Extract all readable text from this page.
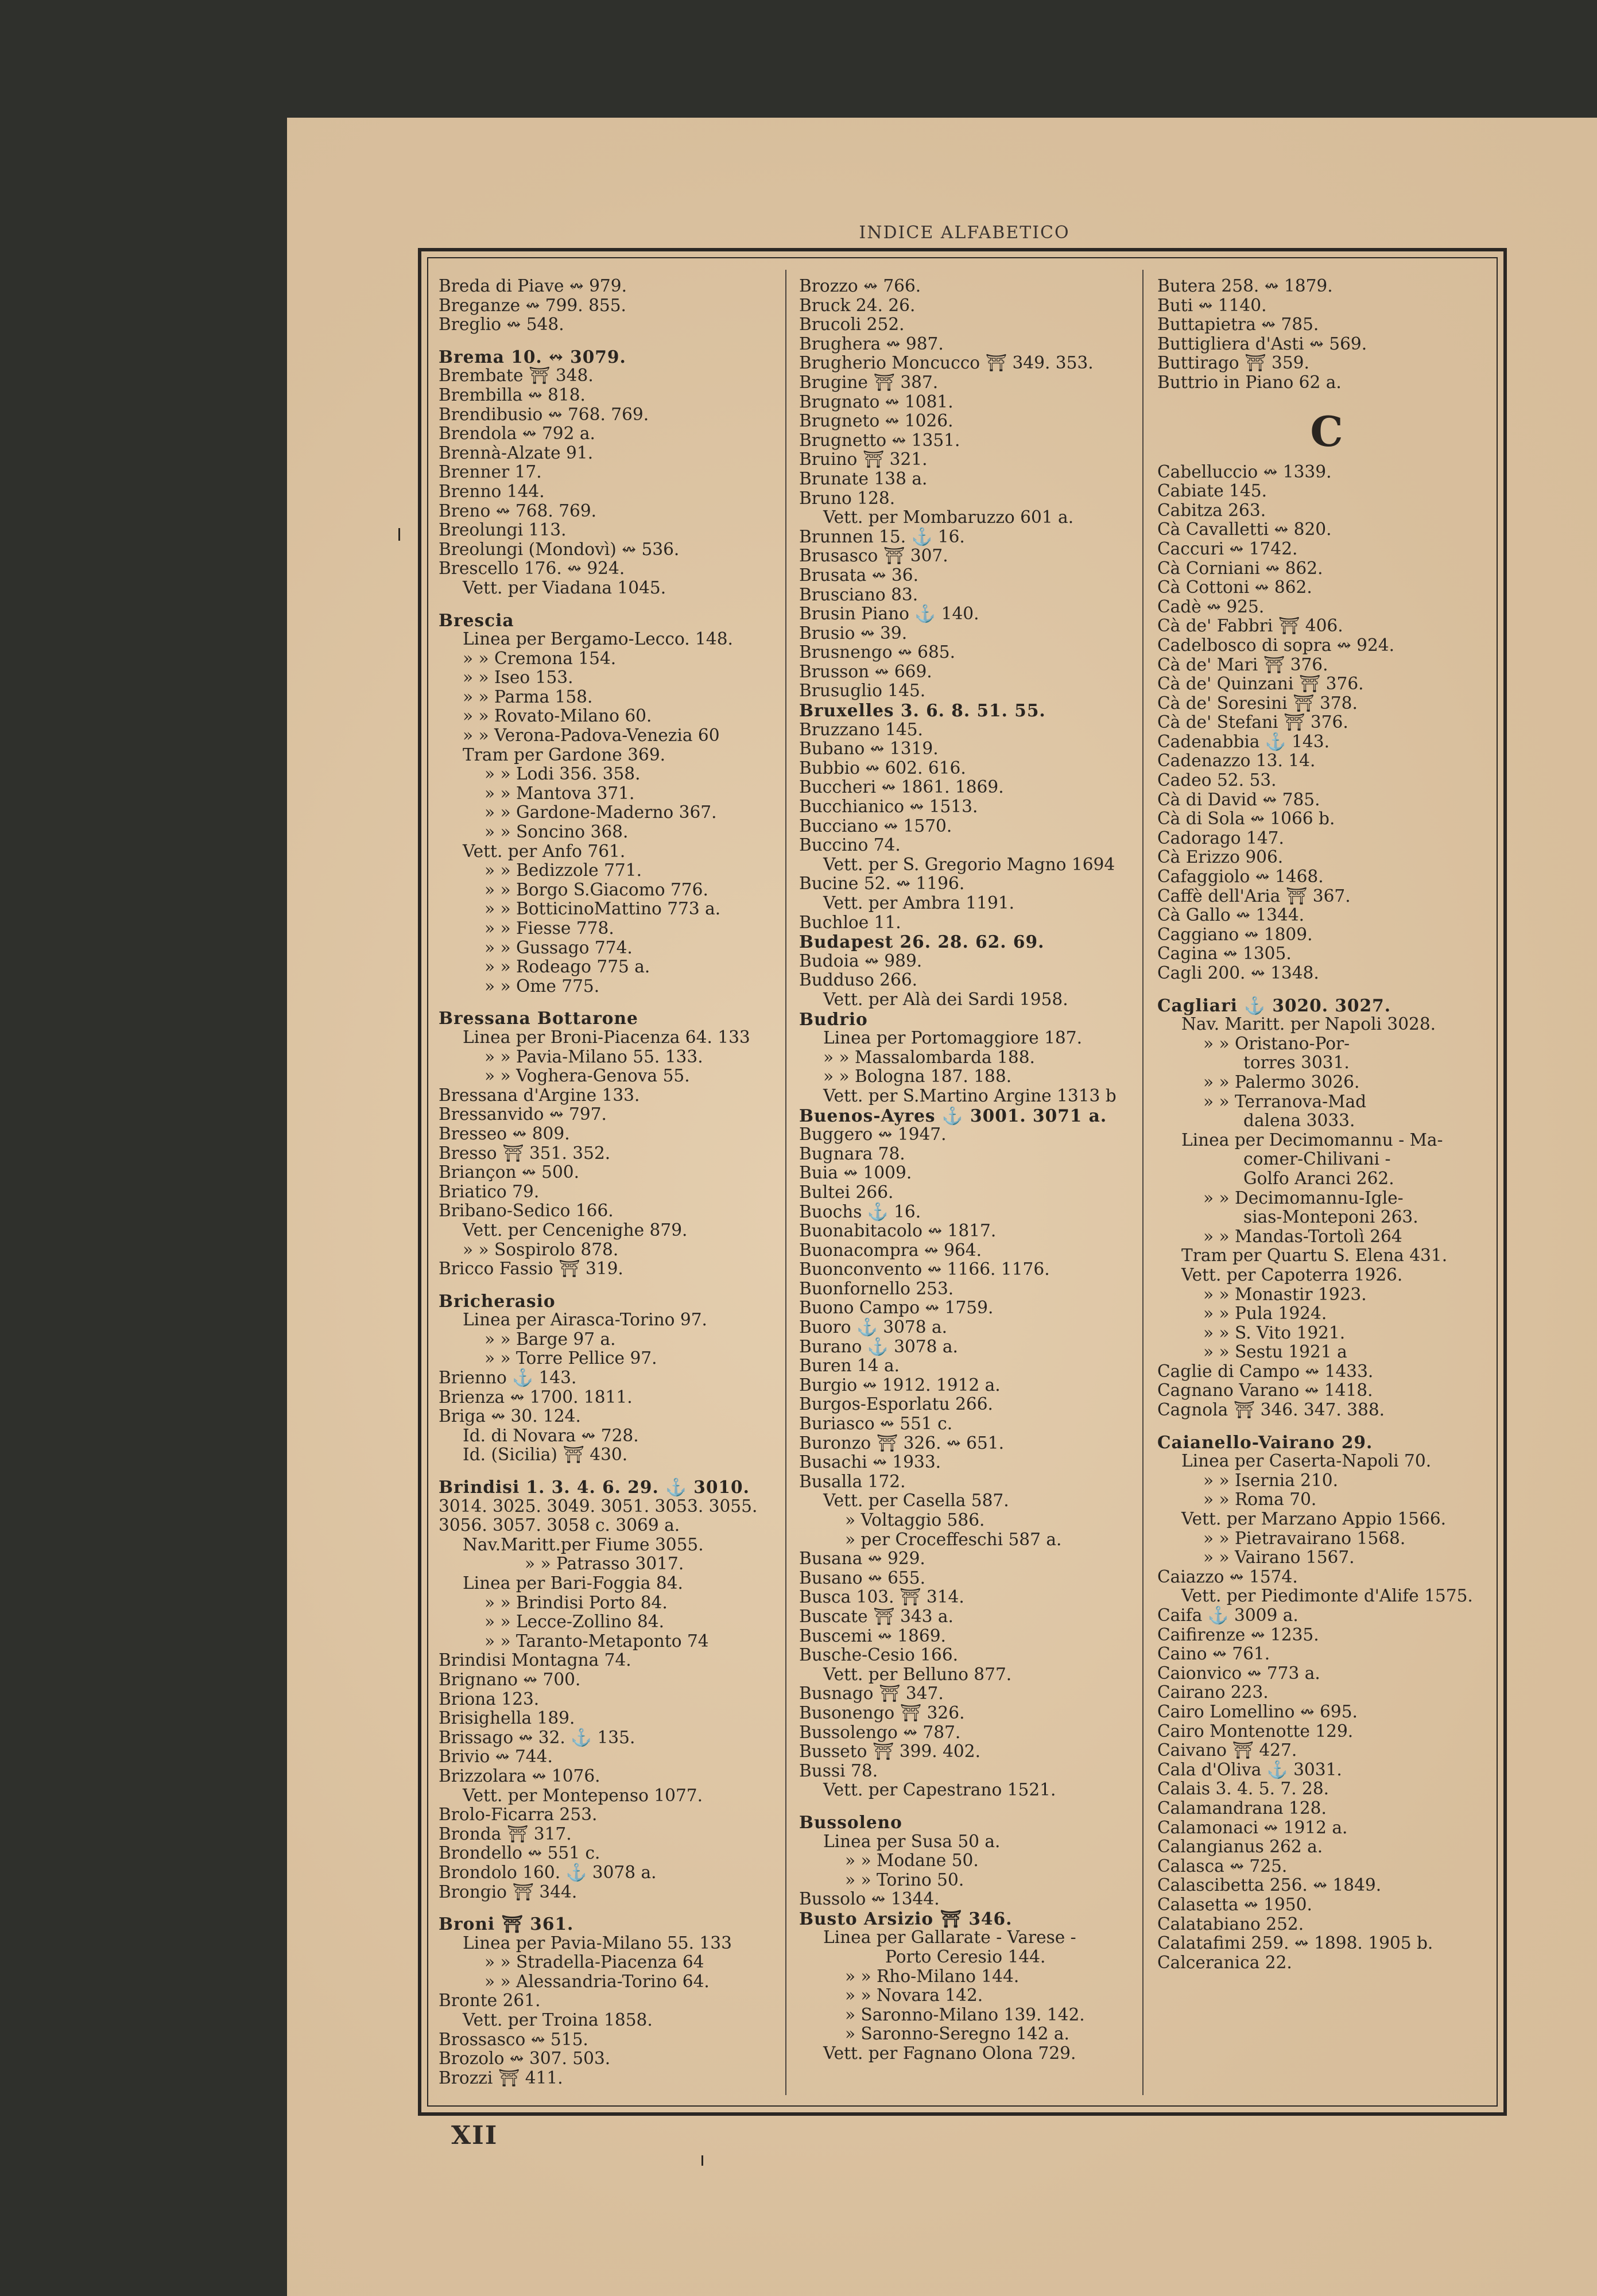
INDICE ALFABETICO
Breda di Piave ↭ 979.
Breganze ↭ 799. 855.
Breglio ↭ 548.
Brema 10. ↭ 3079.
Brembate ⛩ 348.
Brembilla ↭ 818.
Brendibusio ↭ 768. 769.
Brendola ↭ 792 a.
Brennà-Alzate 91.
Brenner 17.
Brenno 144.
Breno ↭ 768. 769.
Breolungi 113.
Breolungi (Mondovì) ↭ 536.
Brescello 176. ↭ 924.
Vett. per Viadana 1045.
Brescia
Linea per Bergamo-Lecco. 148.
» » Cremona 154.
» » Iseo 153.
» » Parma 158.
» » Rovato-Milano 60.
» » Verona-Padova-Venezia 60
Tram per Gardone 369.
» » Lodi 356. 358.
» » Mantova 371.
» » Gardone-Maderno 367.
» » Soncino 368.
Vett. per Anfo 761.
» » Bedizzole 771.
» » Borgo S.Giacomo 776.
» » BotticinoMattino 773 a.
» » Fiesse 778.
» » Gussago 774.
» » Rodeago 775 a.
» » Ome 775.
Bressana Bottarone
Linea per Broni-Piacenza 64. 133
» » Pavia-Milano 55. 133.
» » Voghera-Genova 55.
Bressana d'Argine 133.
Bressanvido ↭ 797.
Bresseo ↭ 809.
Bresso ⛩ 351. 352.
Briançon ↭ 500.
Briatico 79.
Bribano-Sedico 166.
Vett. per Cencenighe 879.
» » Sospirolo 878.
Bricco Fassio ⛩ 319.
Bricherasio
Linea per Airasca-Torino 97.
» » Barge 97 a.
» » Torre Pellice 97.
Brienno ⚓ 143.
Brienza ↭ 1700. 1811.
Briga ↭ 30. 124.
Id. di Novara ↭ 728.
Id. (Sicilia) ⛩ 430.
Brindisi 1. 3. 4. 6. 29. ⚓ 3010.
3014. 3025. 3049. 3051. 3053. 3055.
3056. 3057. 3058 c. 3069 a.
Nav.Maritt.per Fiume 3055.
» » Patrasso 3017.
Linea per Bari-Foggia 84.
» » Brindisi Porto 84.
» » Lecce-Zollino 84.
» » Taranto-Metaponto 74
Brindisi Montagna 74.
Brignano ↭ 700.
Briona 123.
Brisighella 189.
Brissago ↭ 32. ⚓ 135.
Brivio ↭ 744.
Brizzolara ↭ 1076.
Vett. per Montepenso 1077.
Brolo-Ficarra 253.
Bronda ⛩ 317.
Brondello ↭ 551 c.
Brondolo 160. ⚓ 3078 a.
Brongio ⛩ 344.
Broni ⛩ 361.
Linea per Pavia-Milano 55. 133
» » Stradella-Piacenza 64
» » Alessandria-Torino 64.
Bronte 261.
Vett. per Troina 1858.
Brossasco ↭ 515.
Brozolo ↭ 307. 503.
Brozzi ⛩ 411.
Brozzo ↭ 766.
Bruck 24. 26.
Brucoli 252.
Brughera ↭ 987.
Brugherio Moncucco ⛩ 349. 353.
Brugine ⛩ 387.
Brugnato ↭ 1081.
Brugneto ↭ 1026.
Brugnetto ↭ 1351.
Bruino ⛩ 321.
Brunate 138 a.
Bruno 128.
Vett. per Mombaruzzo 601 a.
Brunnen 15. ⚓ 16.
Brusasco ⛩ 307.
Brusata ↭ 36.
Brusciano 83.
Brusin Piano ⚓ 140.
Brusio ↭ 39.
Brusnengo ↭ 685.
Brusson ↭ 669.
Brusuglio 145.
Bruxelles 3. 6. 8. 51. 55.
Bruzzano 145.
Bubano ↭ 1319.
Bubbio ↭ 602. 616.
Buccheri ↭ 1861. 1869.
Bucchianico ↭ 1513.
Bucciano ↭ 1570.
Buccino 74.
Vett. per S. Gregorio Magno 1694
Bucine 52. ↭ 1196.
Vett. per Ambra 1191.
Buchloe 11.
Budapest 26. 28. 62. 69.
Budoia ↭ 989.
Budduso 266.
Vett. per Alà dei Sardi 1958.
Budrio
Linea per Portomaggiore 187.
» » Massalombarda 188.
» » Bologna 187. 188.
Vett. per S.Martino Argine 1313 b
Buenos-Ayres ⚓ 3001. 3071 a.
Buggero ↭ 1947.
Bugnara 78.
Buia ↭ 1009.
Bultei 266.
Buochs ⚓ 16.
Buonabitacolo ↭ 1817.
Buonacompra ↭ 964.
Buonconvento ↭ 1166. 1176.
Buonfornello 253.
Buono Campo ↭ 1759.
Buoro ⚓ 3078 a.
Burano ⚓ 3078 a.
Buren 14 a.
Burgio ↭ 1912. 1912 a.
Burgos-Esporlatu 266.
Buriasco ↭ 551 c.
Buronzo ⛩ 326. ↭ 651.
Busachi ↭ 1933.
Busalla 172.
Vett. per Casella 587.
» Voltaggio 586.
» per Croceffeschi 587 a.
Busana ↭ 929.
Busano ↭ 655.
Busca 103. ⛩ 314.
Buscate ⛩ 343 a.
Buscemi ↭ 1869.
Busche-Cesio 166.
Vett. per Belluno 877.
Busnago ⛩ 347.
Busonengo ⛩ 326.
Bussolengo ↭ 787.
Busseto ⛩ 399. 402.
Bussi 78.
Vett. per Capestrano 1521.
Bussoleno
Linea per Susa 50 a.
» » Modane 50.
» » Torino 50.
Bussolo ↭ 1344.
Busto Arsizio ⛩ 346.
Linea per Gallarate - Varese -
Porto Ceresio 144.
» » Rho-Milano 144.
» » Novara 142.
» Saronno-Milano 139. 142.
» Saronno-Seregno 142 a.
Vett. per Fagnano Olona 729.
Butera 258. ↭ 1879.
Buti ↭ 1140.
Buttapietra ↭ 785.
Buttigliera d'Asti ↭ 569.
Buttirago ⛩ 359.
Buttrio in Piano 62 a.
C
Cabelluccio ↭ 1339.
Cabiate 145.
Cabitza 263.
Cà Cavalletti ↭ 820.
Caccuri ↭ 1742.
Cà Corniani ↭ 862.
Cà Cottoni ↭ 862.
Cadè ↭ 925.
Cà de' Fabbri ⛩ 406.
Cadelbosco di sopra ↭ 924.
Cà de' Mari ⛩ 376.
Cà de' Quinzani ⛩ 376.
Cà de' Soresini ⛩ 378.
Cà de' Stefani ⛩ 376.
Cadenabbia ⚓ 143.
Cadenazzo 13. 14.
Cadeo 52. 53.
Cà di David ↭ 785.
Cà di Sola ↭ 1066 b.
Cadorago 147.
Cà Erizzo 906.
Cafaggiolo ↭ 1468.
Caffè dell'Aria ⛩ 367.
Cà Gallo ↭ 1344.
Caggiano ↭ 1809.
Cagina ↭ 1305.
Cagli 200. ↭ 1348.
Cagliari ⚓ 3020. 3027.
Nav. Maritt. per Napoli 3028.
» » Oristano-Por-
torres 3031.
» » Palermo 3026.
» » Terranova-Mad
dalena 3033.
Linea per Decimomannu - Ma-
comer-Chilivani -
Golfo Aranci 262.
» » Decimomannu-Igle-
sias-Monteponi 263.
» » Mandas-Tortolì 264
Tram per Quartu S. Elena 431.
Vett. per Capoterra 1926.
» » Monastir 1923.
» » Pula 1924.
» » S. Vito 1921.
» » Sestu 1921 a
Caglie di Campo ↭ 1433.
Cagnano Varano ↭ 1418.
Cagnola ⛩ 346. 347. 388.
Caianello-Vairano 29.
Linea per Caserta-Napoli 70.
» » Isernia 210.
» » Roma 70.
Vett. per Marzano Appio 1566.
» » Pietravairano 1568.
» » Vairano 1567.
Caiazzo ↭ 1574.
Vett. per Piedimonte d'Alife 1575.
Caifa ⚓ 3009 a.
Caifirenze ↭ 1235.
Caino ↭ 761.
Caionvico ↭ 773 a.
Cairano 223.
Cairo Lomellino ↭ 695.
Cairo Montenotte 129.
Caivano ⛩ 427.
Cala d'Oliva ⚓ 3031.
Calais 3. 4. 5. 7. 28.
Calamandrana 128.
Calamonaci ↭ 1912 a.
Calangianus 262 a.
Calasca ↭ 725.
Calascibetta 256. ↭ 1849.
Calasetta ↭ 1950.
Calatabiano 252.
Calatafimi 259. ↭ 1898. 1905 b.
Calceranica 22.
XII
